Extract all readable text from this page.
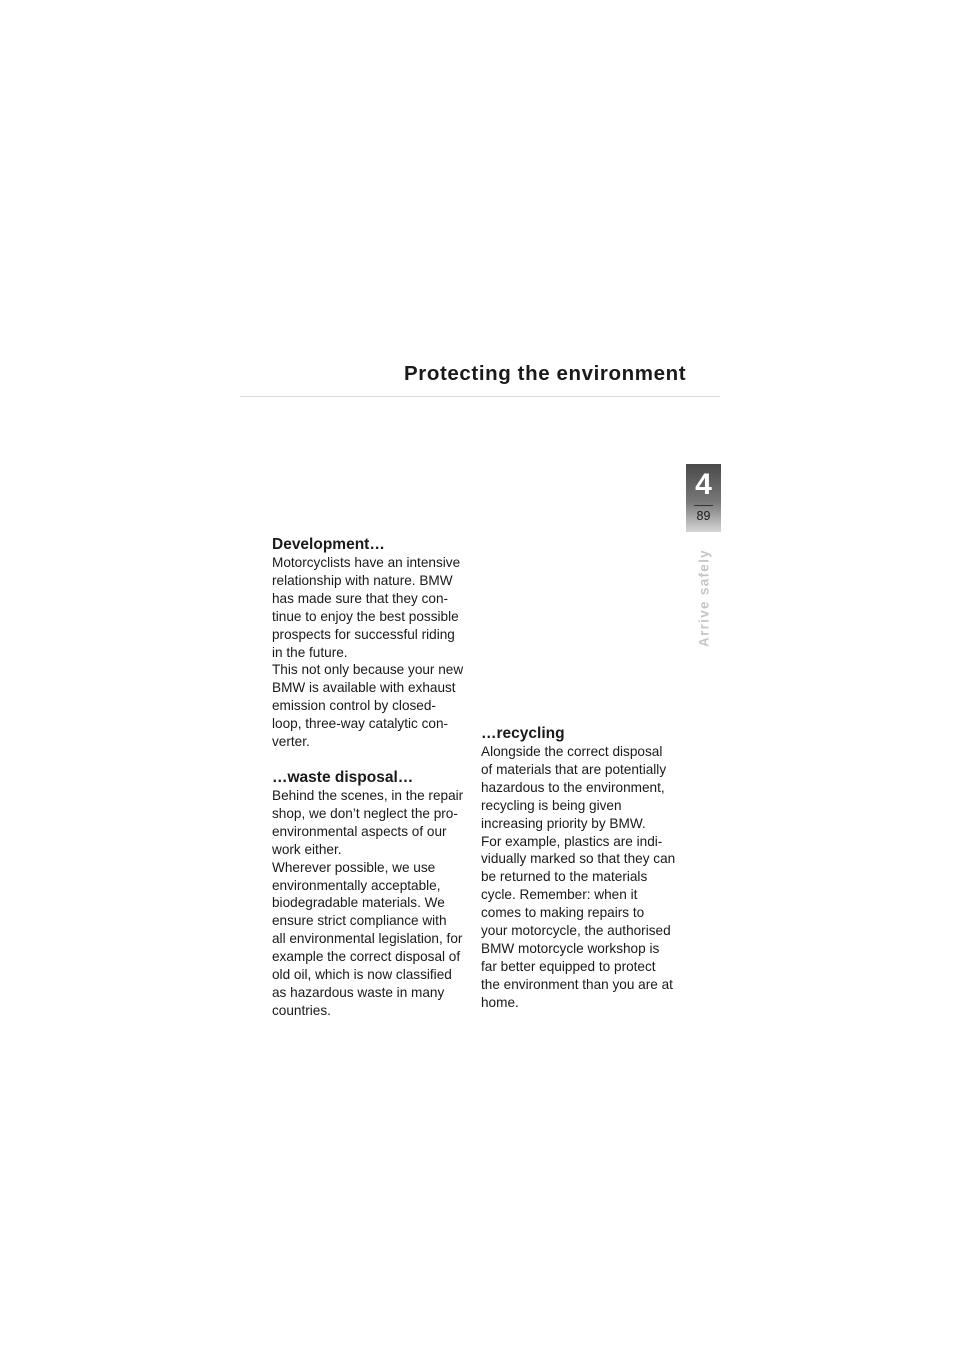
Protecting the environment
4
89
Arrive safely
Development…

Motorcyclists have an intensive
relationship with nature. BMW
has made sure that they con-
tinue to enjoy the best possible
prospects for successful riding
in the future.

This not only because your new
BMW is available with exhaust
emission control by closed-
loop, three-way catalytic con-
verter.

…waste disposal…

Behind the scenes, in the repair
shop, we don’t neglect the pro-
environmental aspects of our
work either.

Wherever possible, we use
environmentally acceptable,
biodegradable materials. We
ensure strict compliance with
all environmental legislation, for
example the correct disposal of
old oil, which is now classified
as hazardous waste in many
countries.

…recycling

Alongside the correct disposal
of materials that are potentially
hazardous to the environment,
recycling is being given
increasing priority by BMW.

For example, plastics are indi-
vidually marked so that they can
be returned to the materials
cycle. Remember: when it
comes to making repairs to
your motorcycle, the authorised
BMW motorcycle workshop is
far better equipped to protect
the environment than you are at
home.
